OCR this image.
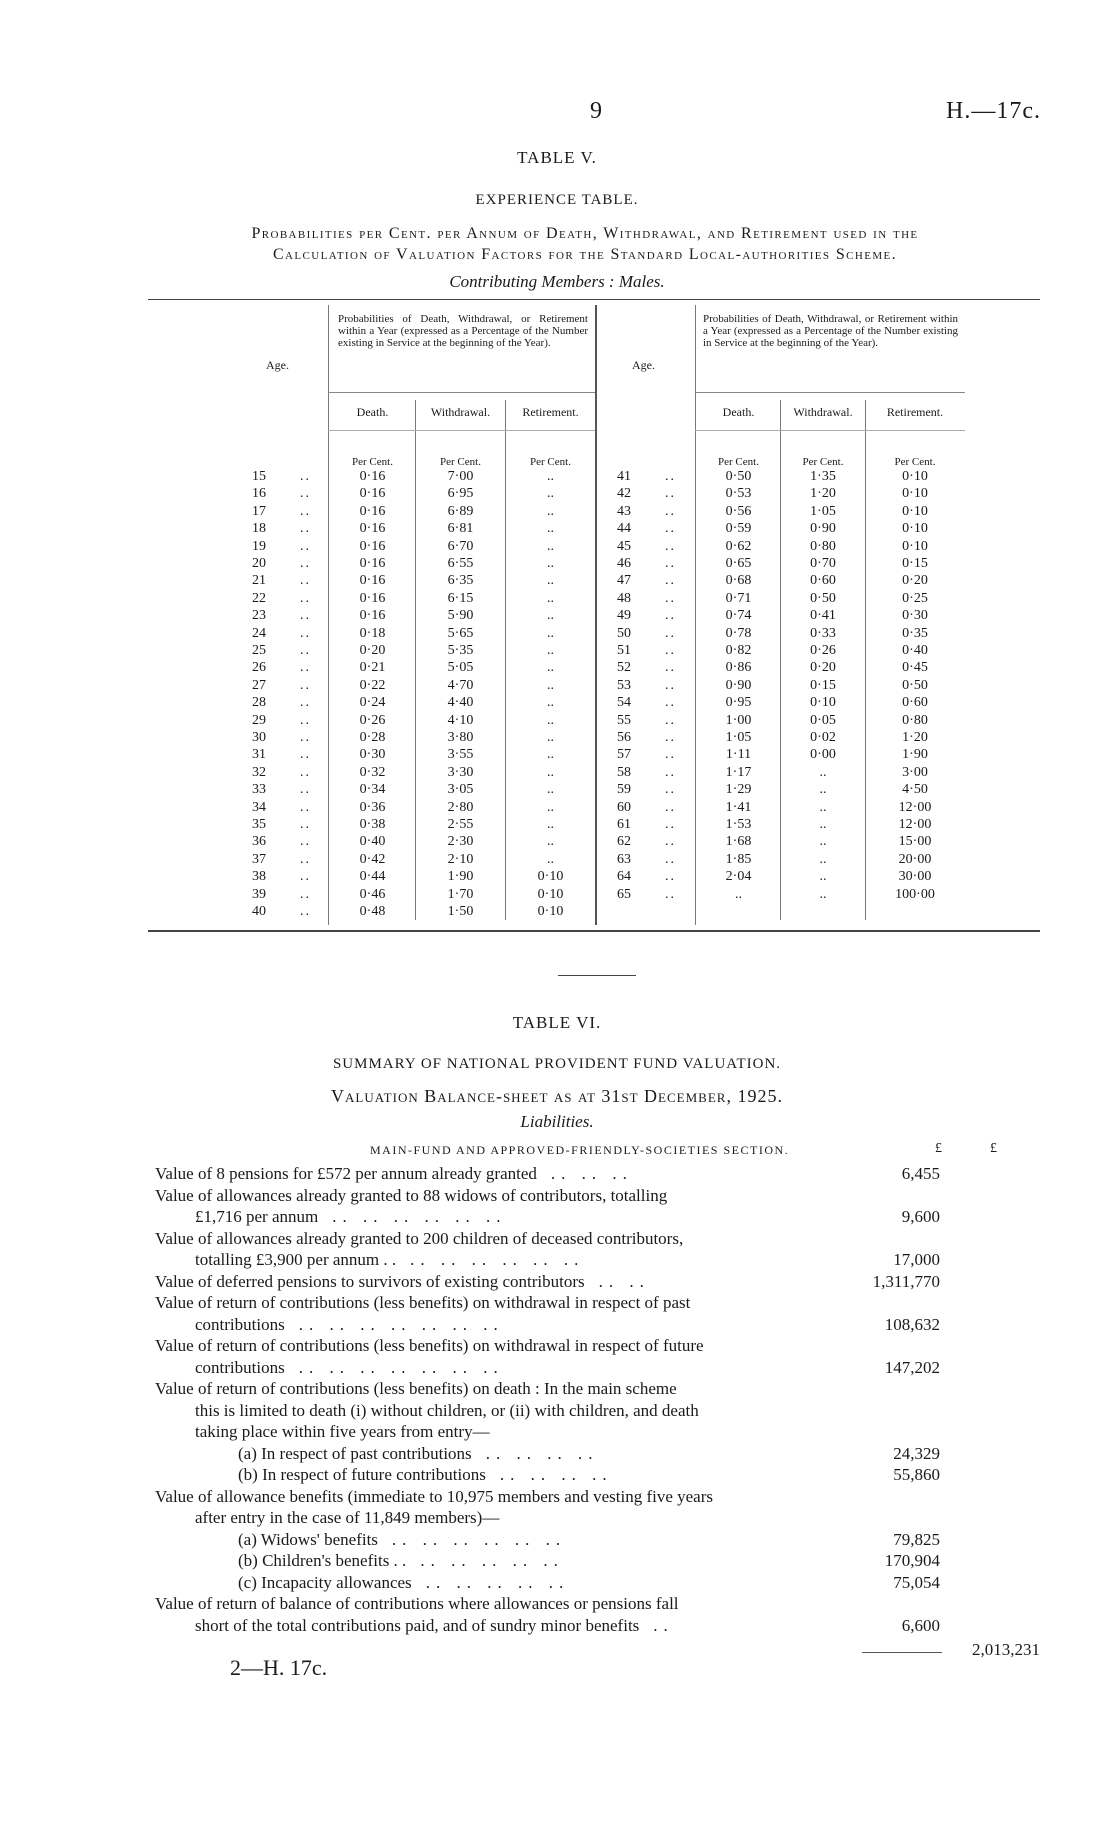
9	H.—17c.
TABLE V.
EXPERIENCE TABLE.
Probabilities per Cent. per Annum of Death, Withdrawal, and Retirement used in the
Calculation of Valuation Factors for the Standard Local-authorities Scheme.
Contributing Members : Males.
Age.	Age.
Probabilities of Death, Withdrawal, or Retirement within a Year (expressed as a Percentage of the Number existing in Service at the beginning of the Year).
Probabilities of Death, Withdrawal, or Retirement within a Year (expressed as a Percentage of the Number existing in Service at the beginning of the Year).
Death.	Withdrawal.	Retirement.	Death.	Withdrawal.	Retirement.
Per Cent.	Per Cent.	Per Cent.	Per Cent.	Per Cent.	Per Cent.
15	..	0·16	7·00	..
16	..	0·16	6·95	..
17	..	0·16	6·89	..
18	..	0·16	6·81	..
19	..	0·16	6·70	..
20	..	0·16	6·55	..
21	..	0·16	6·35	..
22	..	0·16	6·15	..
23	..	0·16	5·90	..
24	..	0·18	5·65	..
25	..	0·20	5·35	..
26	..	0·21	5·05	..
27	..	0·22	4·70	..
28	..	0·24	4·40	..
29	..	0·26	4·10	..
30	..	0·28	3·80	..
31	..	0·30	3·55	..
32	..	0·32	3·30	..
33	..	0·34	3·05	..
34	..	0·36	2·80	..
35	..	0·38	2·55	..
36	..	0·40	2·30	..
37	..	0·42	2·10	..
38	..	0·44	1·90	0·10
39	..	0·46	1·70	0·10
40	..	0·48	1·50	0·10
41	..	0·50	1·35	0·10
42	..	0·53	1·20	0·10
43	..	0·56	1·05	0·10
44	..	0·59	0·90	0·10
45	..	0·62	0·80	0·10
46	..	0·65	0·70	0·15
47	..	0·68	0·60	0·20
48	..	0·71	0·50	0·25
49	..	0·74	0·41	0·30
50	..	0·78	0·33	0·35
51	..	0·82	0·26	0·40
52	..	0·86	0·20	0·45
53	..	0·90	0·15	0·50
54	..	0·95	0·10	0·60
55	..	1·00	0·05	0·80
56	..	1·05	0·02	1·20
57	..	1·11	0·00	1·90
58	..	1·17	..	3·00
59	..	1·29	..	4·50
60	..	1·41	..	12·00
61	..	1·53	..	12·00
62	..	1·68	..	15·00
63	..	1·85	..	20·00
64	..	2·04	..	30·00
65	..	..	..	100·00
TABLE VI.
SUMMARY OF NATIONAL PROVIDENT FUND VALUATION.
Valuation Balance-sheet as at 31st December, 1925.
Liabilities.
MAIN-FUND AND APPROVED-FRIENDLY-SOCIETIES SECTION.	£	£
Value of 8 pensions for £572 per annum already granted .. .. ..	6,455
Value of allowances already granted to 88 widows of contributors, totalling
£1,716 per annum .. .. .. .. .. ..	9,600
Value of allowances already granted to 200 children of deceased contributors,
totalling £3,900 per annum . . .. .. .. .. .. ..	17,000
Value of deferred pensions to survivors of existing contributors .. ..	1,311,770
Value of return of contributions (less benefits) on withdrawal in respect of past
contributions .. .. .. .. .. .. ..	108,632
Value of return of contributions (less benefits) on withdrawal in respect of future
contributions .. .. .. .. .. .. ..	147,202
Value of return of contributions (less benefits) on death : In the main scheme
this is limited to death (i) without children, or (ii) with children, and death
taking place within five years from entry—
(a) In respect of past contributions .. .. .. ..	24,329
(b) In respect of future contributions .. .. .. ..	55,860
Value of allowance benefits (immediate to 10,975 members and vesting five years
after entry in the case of 11,849 members)—
(a) Widows' benefits .. .. .. .. .. ..	79,825
(b) Children's benefits . . .. .. .. .. ..	170,904
(c) Incapacity allowances .. .. .. .. ..	75,054
Value of return of balance of contributions where allowances or pensions fall
short of the total contributions paid, and of sundry minor benefits ..	6,600
2,013,231
2—H. 17c.
